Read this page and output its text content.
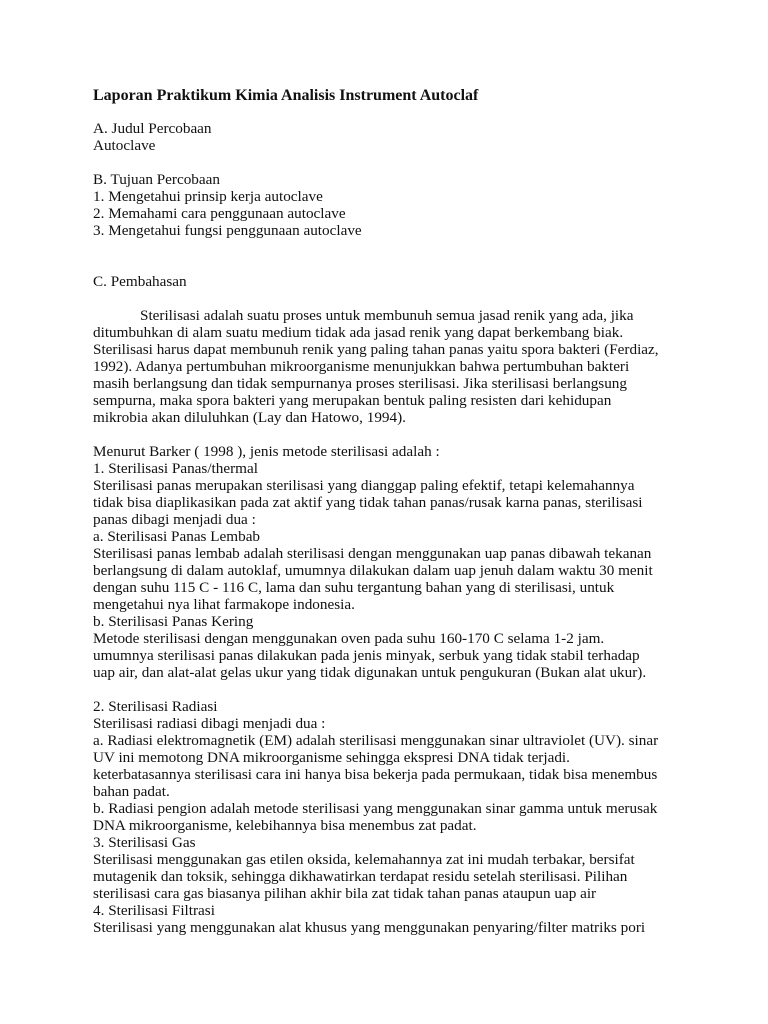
Laporan Praktikum Kimia Analisis Instrument Autoclaf
A. Judul Percobaan
Autoclave
B. Tujuan Percobaan
1. Mengetahui prinsip kerja autoclave
2. Memahami cara penggunaan autoclave
3. Mengetahui fungsi penggunaan autoclave
C. Pembahasan
Sterilisasi adalah suatu proses untuk membunuh semua jasad renik yang ada, jika
ditumbuhkan di alam suatu medium tidak ada jasad renik yang dapat berkembang biak.
Sterilisasi harus dapat membunuh renik yang paling tahan panas yaitu spora bakteri (Ferdiaz,
1992). Adanya pertumbuhan mikroorganisme menunjukkan bahwa pertumbuhan bakteri
masih berlangsung dan tidak sempurnanya proses sterilisasi. Jika sterilisasi berlangsung
sempurna, maka spora bakteri yang merupakan bentuk paling resisten dari kehidupan
mikrobia akan diluluhkan (Lay dan Hatowo, 1994).
Menurut Barker ( 1998 ), jenis metode sterilisasi adalah :
1. Sterilisasi Panas/thermal
Sterilisasi panas merupakan sterilisasi yang dianggap paling efektif, tetapi kelemahannya
tidak bisa diaplikasikan pada zat aktif yang tidak tahan panas/rusak karna panas, sterilisasi
panas dibagi menjadi dua :
a. Sterilisasi Panas Lembab
Sterilisasi panas lembab adalah sterilisasi dengan menggunakan uap panas dibawah tekanan
berlangsung di dalam autoklaf, umumnya dilakukan dalam uap jenuh dalam waktu 30 menit
dengan suhu 115 C - 116 C, lama dan suhu tergantung bahan yang di sterilisasi, untuk
mengetahui nya lihat farmakope indonesia.
b. Sterilisasi Panas Kering
Metode sterilisasi dengan menggunakan oven pada suhu 160-170 C selama 1-2 jam.
umumnya sterilisasi panas dilakukan pada jenis minyak, serbuk yang tidak stabil terhadap
uap air, dan alat-alat gelas ukur yang tidak digunakan untuk pengukuran (Bukan alat ukur).
2. Sterilisasi Radiasi
Sterilisasi radiasi dibagi menjadi dua :
a. Radiasi elektromagnetik (EM) adalah sterilisasi menggunakan sinar ultraviolet (UV). sinar
UV ini memotong DNA mikroorganisme sehingga ekspresi DNA tidak terjadi.
keterbatasannya sterilisasi cara ini hanya bisa bekerja pada permukaan, tidak bisa menembus
bahan padat.
b. Radiasi pengion adalah metode sterilisasi yang menggunakan sinar gamma untuk merusak
DNA mikroorganisme, kelebihannya bisa menembus zat padat.
3. Sterilisasi Gas
Sterilisasi menggunakan gas etilen oksida, kelemahannya zat ini mudah terbakar, bersifat
mutagenik dan toksik, sehingga dikhawatirkan terdapat residu setelah sterilisasi. Pilihan
sterilisasi cara gas biasanya pilihan akhir bila zat tidak tahan panas ataupun uap air
4. Sterilisasi Filtrasi
Sterilisasi yang menggunakan alat khusus yang menggunakan penyaring/filter matriks pori
